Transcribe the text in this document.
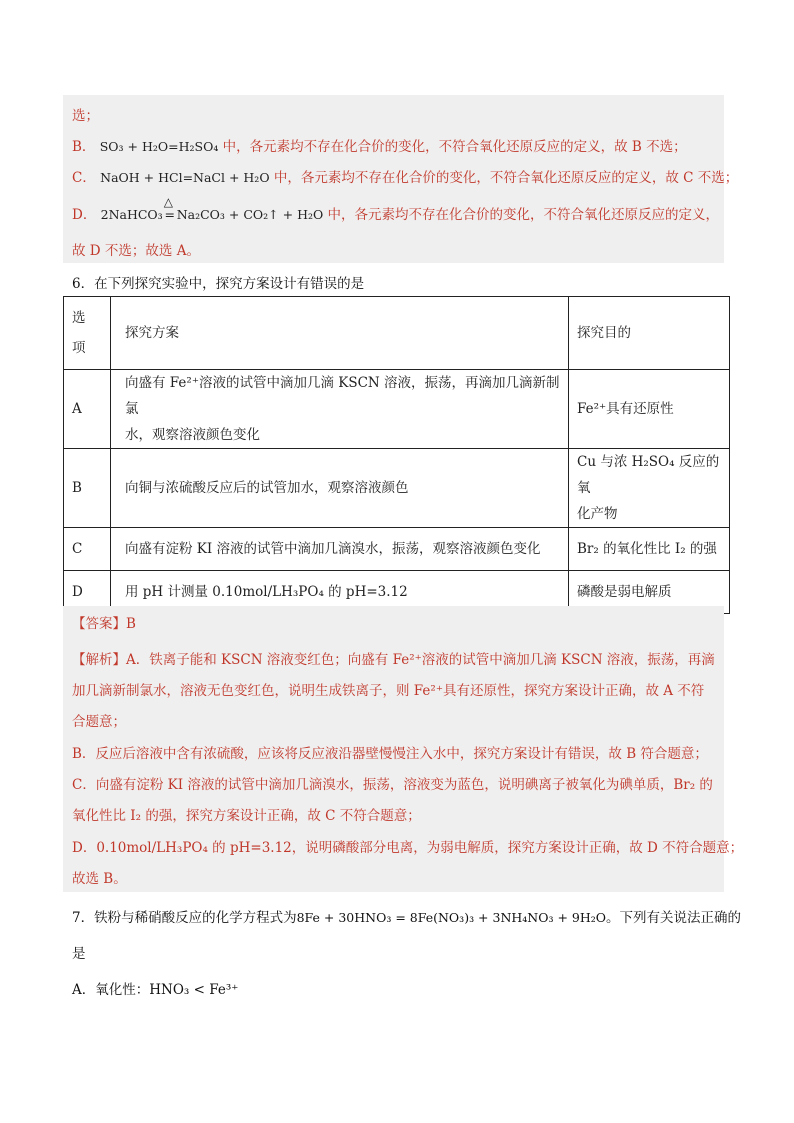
选；
B． SO₃ + H₂O=H₂SO₄ 中，各元素均不存在化合价的变化，不符合氧化还原反应的定义，故 B 不选；
C． NaOH + HCl=NaCl + H₂O 中，各元素均不存在化合价的变化，不符合氧化还原反应的定义，故 C 不选；
D． 2NaHCO₃
△
= Na₂CO₃ + CO₂↑ + H₂O 中，各元素均不存在化合价的变化，不符合氧化还原反应的定义，
故 D 不选；故选 A。
6．在下列探究实验中，探究方案设计有错误的是
选
项	探究方案	探究目的
A	向盛有 Fe²⁺溶液的试管中滴加几滴 KSCN 溶液，振荡，再滴加几滴新制氯
水，观察溶液颜色变化	Fe²⁺具有还原性
B	向铜与浓硫酸反应后的试管加水，观察溶液颜色	Cu 与浓 H₂SO₄ 反应的氧
化产物
C	向盛有淀粉 KI 溶液的试管中滴加几滴溴水，振荡，观察溶液颜色变化	Br₂ 的氧化性比 I₂ 的强
D	用 pH 计测量 0.10mol/LH₃PO₄ 的 pH=3.12	磷酸是弱电解质
【答案】B
【解析】A．铁离子能和 KSCN 溶液变红色；向盛有 Fe²⁺溶液的试管中滴加几滴 KSCN 溶液，振荡，再滴
加几滴新制氯水，溶液无色变红色，说明生成铁离子，则 Fe²⁺具有还原性，探究方案设计正确，故 A 不符
合题意；
B．反应后溶液中含有浓硫酸，应该将反应液沿器壁慢慢注入水中，探究方案设计有错误，故 B 符合题意；
C．向盛有淀粉 KI 溶液的试管中滴加几滴溴水，振荡，溶液变为蓝色，说明碘离子被氧化为碘单质，Br₂ 的
氧化性比 I₂ 的强，探究方案设计正确，故 C 不符合题意；
D．0.10mol/LH₃PO₄ 的 pH=3.12，说明磷酸部分电离，为弱电解质，探究方案设计正确，故 D 不符合题意；
故选 B。
7．铁粉与稀硝酸反应的化学方程式为8Fe + 30HNO₃ = 8Fe(NO₃)₃ + 3NH₄NO₃ + 9H₂O。下列有关说法正确的
是
A．氧化性：HNO₃ < Fe³⁺
